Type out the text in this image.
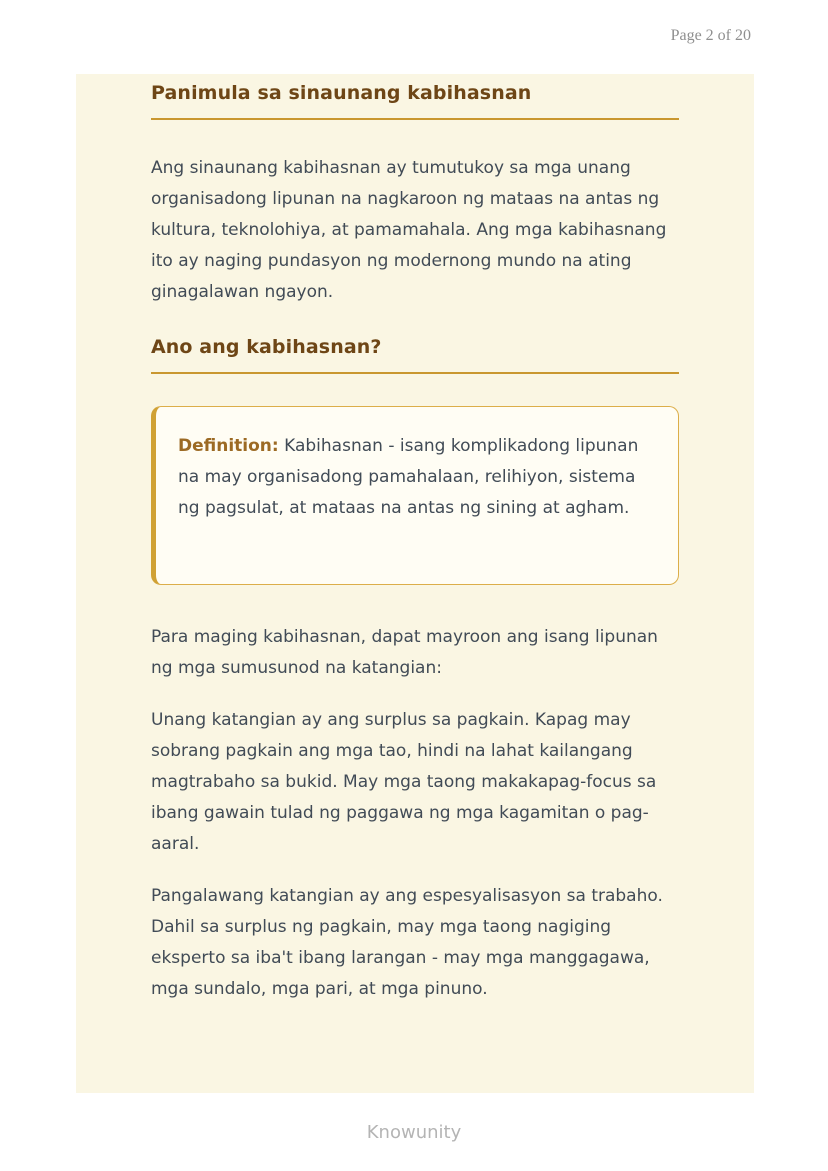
Page 2 of 20
Panimula sa sinaunang kabihasnan

Ang sinaunang kabihasnan ay tumutukoy sa mga unang organisadong lipunan na nagkaroon ng mataas na antas ng kultura, teknolohiya, at pamamahala. Ang mga kabihasnang ito ay naging pundasyon ng modernong mundo na ating ginagalawan ngayon.

Ano ang kabihasnan?

Definition: Kabihasnan - isang komplikadong lipunan na may organisadong pamahalaan, relihiyon, sistema ng pagsulat, at mataas na antas ng sining at agham.

Para maging kabihasnan, dapat mayroon ang isang lipunan ng mga sumusunod na katangian:

Unang katangian ay ang surplus sa pagkain. Kapag may sobrang pagkain ang mga tao, hindi na lahat kailangang magtrabaho sa bukid. May mga taong makakapag-focus sa ibang gawain tulad ng paggawa ng mga kagamitan o pag-aaral.

Pangalawang katangian ay ang espesyalisasyon sa trabaho. Dahil sa surplus ng pagkain, may mga taong nagiging eksperto sa iba't ibang larangan - may mga manggagawa, mga sundalo, mga pari, at mga pinuno.

Knowunity
